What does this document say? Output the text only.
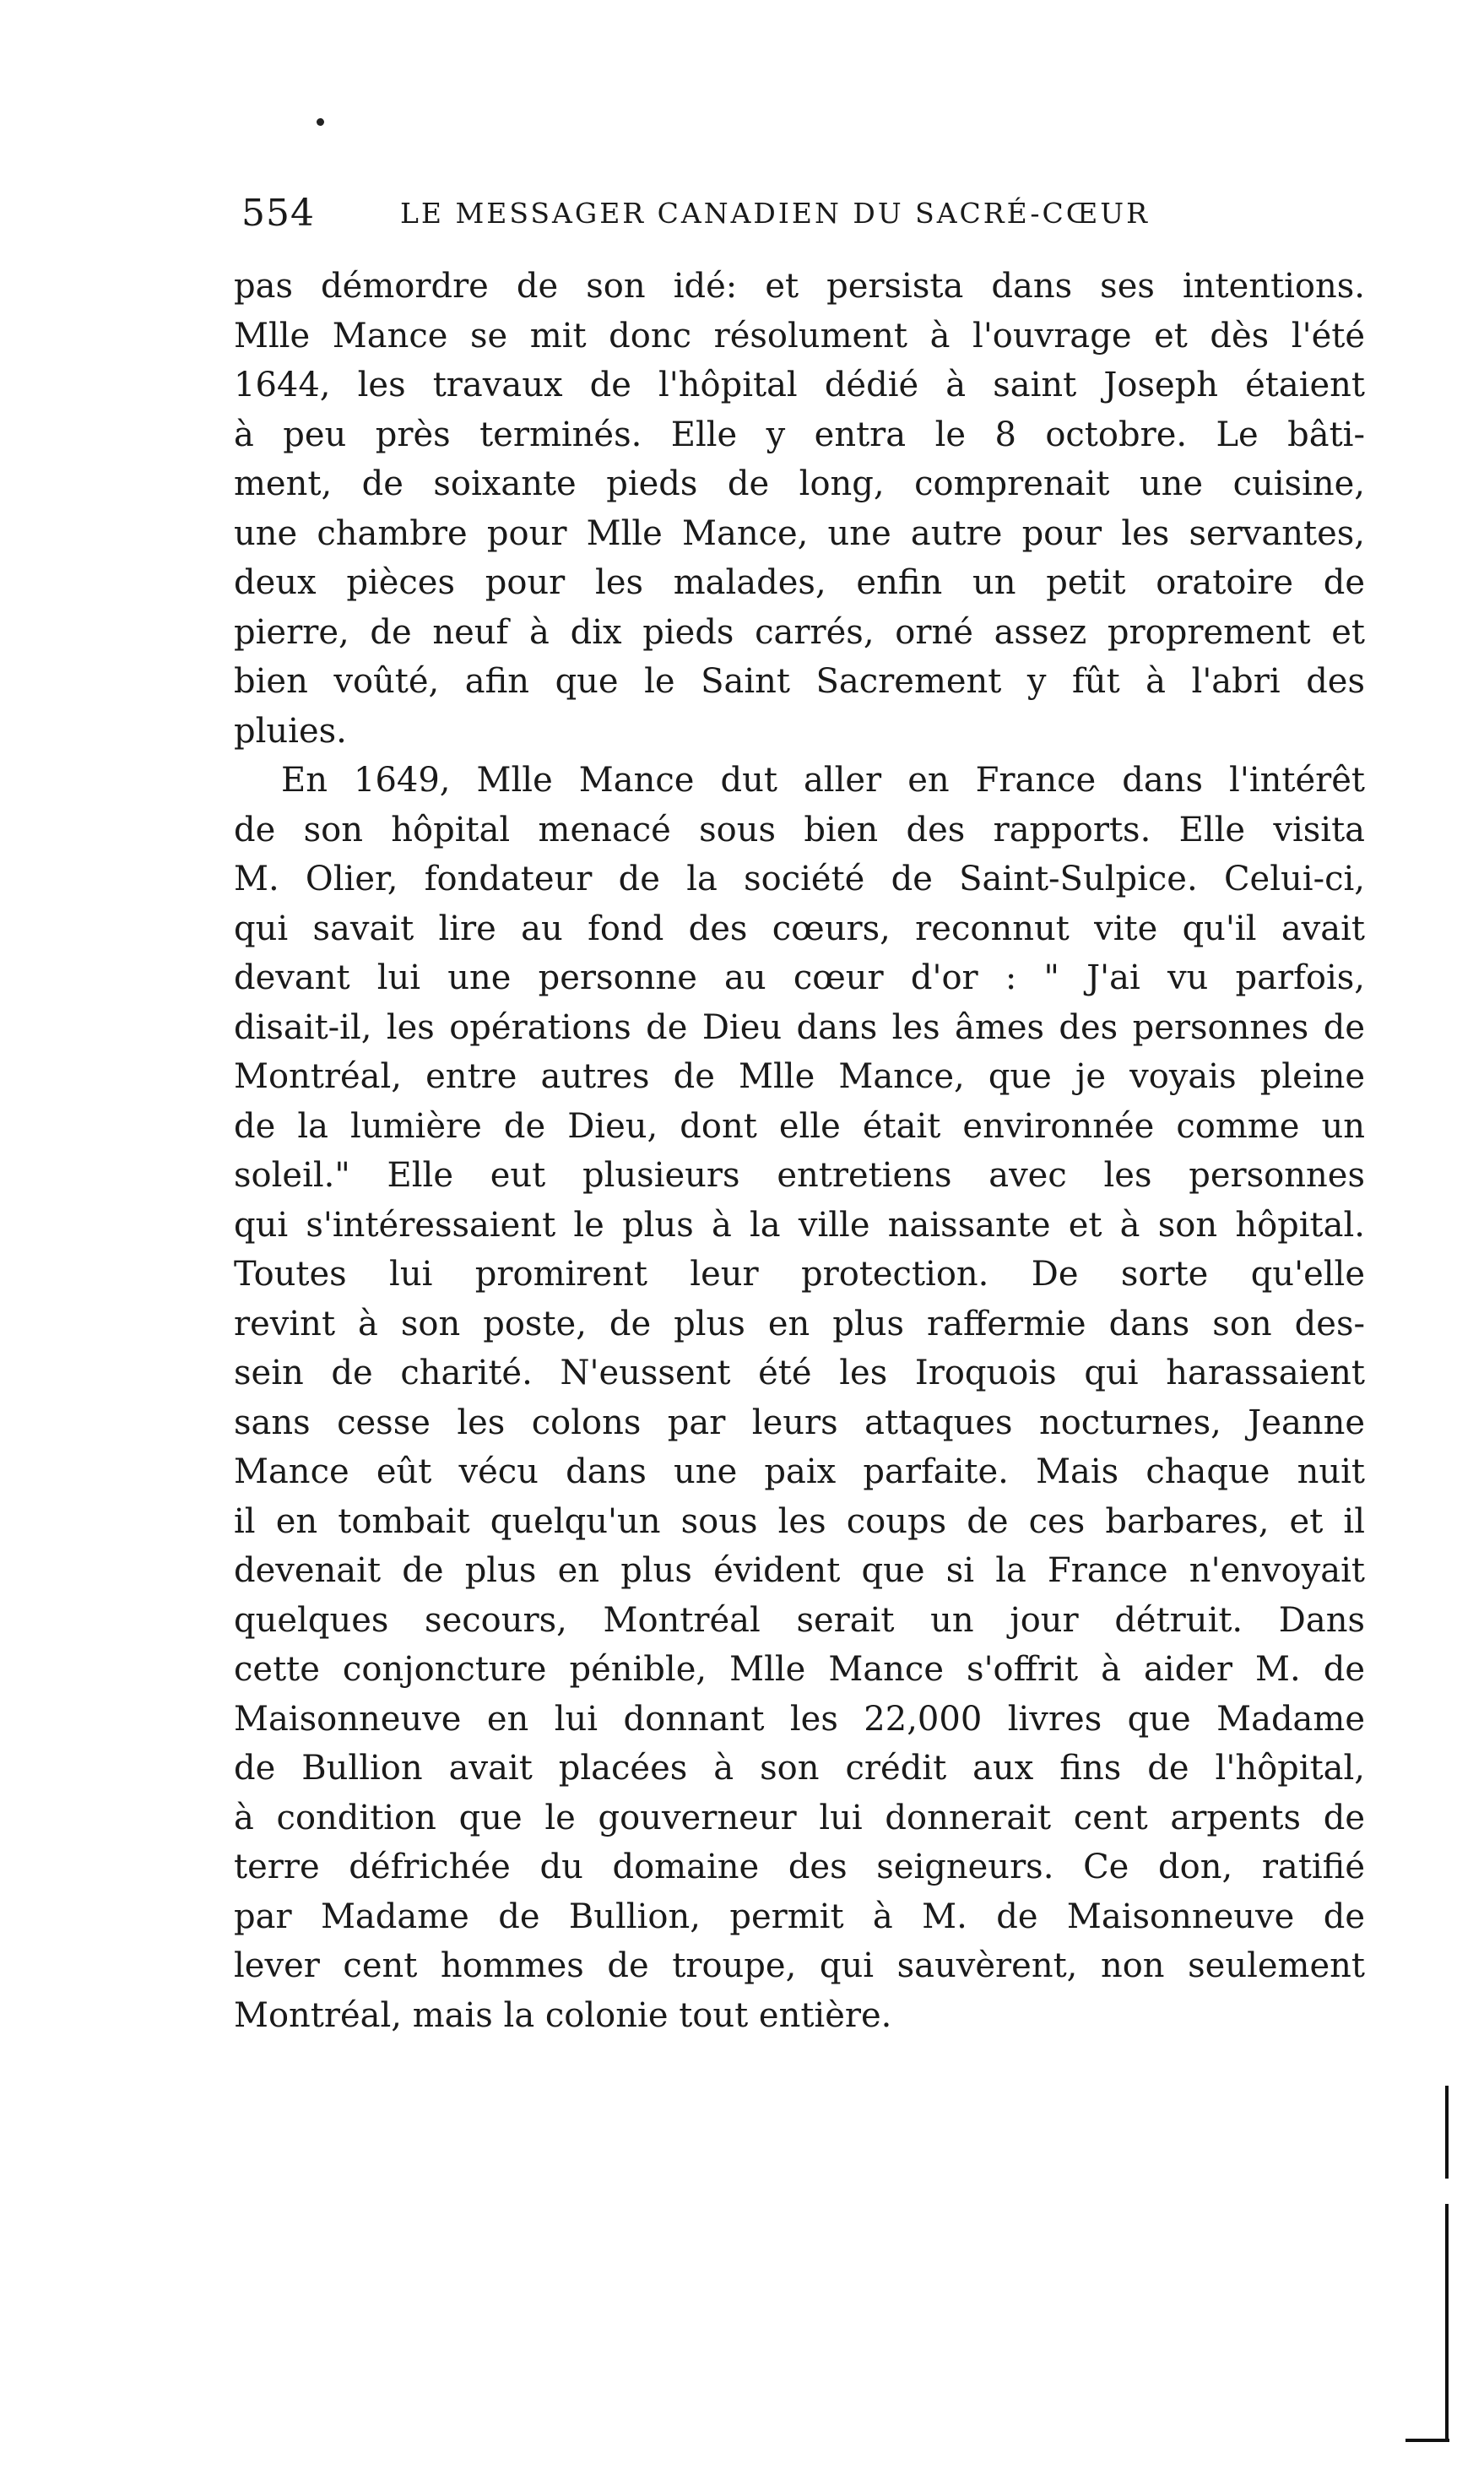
554	LE MESSAGER CANADIEN DU SACRÉ-CŒUR
pas démordre de son idé: et persista dans ses intentions.
Mlle Mance se mit donc résolument à l'ouvrage et dès l'été
1644, les travaux de l'hôpital dédié à saint Joseph étaient
à peu près terminés. Elle y entra le 8 octobre. Le bâti-
ment, de soixante pieds de long, comprenait une cuisine,
une chambre pour Mlle Mance, une autre pour les servantes,
deux pièces pour les malades, enfin un petit oratoire de
pierre, de neuf à dix pieds carrés, orné assez proprement et
bien voûté, afin que le Saint Sacrement y fût à l'abri des
pluies.
En 1649, Mlle Mance dut aller en France dans l'intérêt
de son hôpital menacé sous bien des rapports. Elle visita
M. Olier, fondateur de la société de Saint-Sulpice. Celui-ci,
qui savait lire au fond des cœurs, reconnut vite qu'il avait
devant lui une personne au cœur d'or : " J'ai vu parfois,
disait-il, les opérations de Dieu dans les âmes des personnes de
Montréal, entre autres de Mlle Mance, que je voyais pleine
de la lumière de Dieu, dont elle était environnée comme un
soleil." Elle eut plusieurs entretiens avec les personnes
qui s'intéressaient le plus à la ville naissante et à son hôpital.
Toutes lui promirent leur protection. De sorte qu'elle
revint à son poste, de plus en plus raffermie dans son des-
sein de charité. N'eussent été les Iroquois qui harassaient
sans cesse les colons par leurs attaques nocturnes, Jeanne
Mance eût vécu dans une paix parfaite. Mais chaque nuit
il en tombait quelqu'un sous les coups de ces barbares, et il
devenait de plus en plus évident que si la France n'envoyait
quelques secours, Montréal serait un jour détruit. Dans
cette conjoncture pénible, Mlle Mance s'offrit à aider M. de
Maisonneuve en lui donnant les 22,000 livres que Madame
de Bullion avait placées à son crédit aux fins de l'hôpital,
à condition que le gouverneur lui donnerait cent arpents de
terre défrichée du domaine des seigneurs. Ce don, ratifié
par Madame de Bullion, permit à M. de Maisonneuve de
lever cent hommes de troupe, qui sauvèrent, non seulement
Montréal, mais la colonie tout entière.
